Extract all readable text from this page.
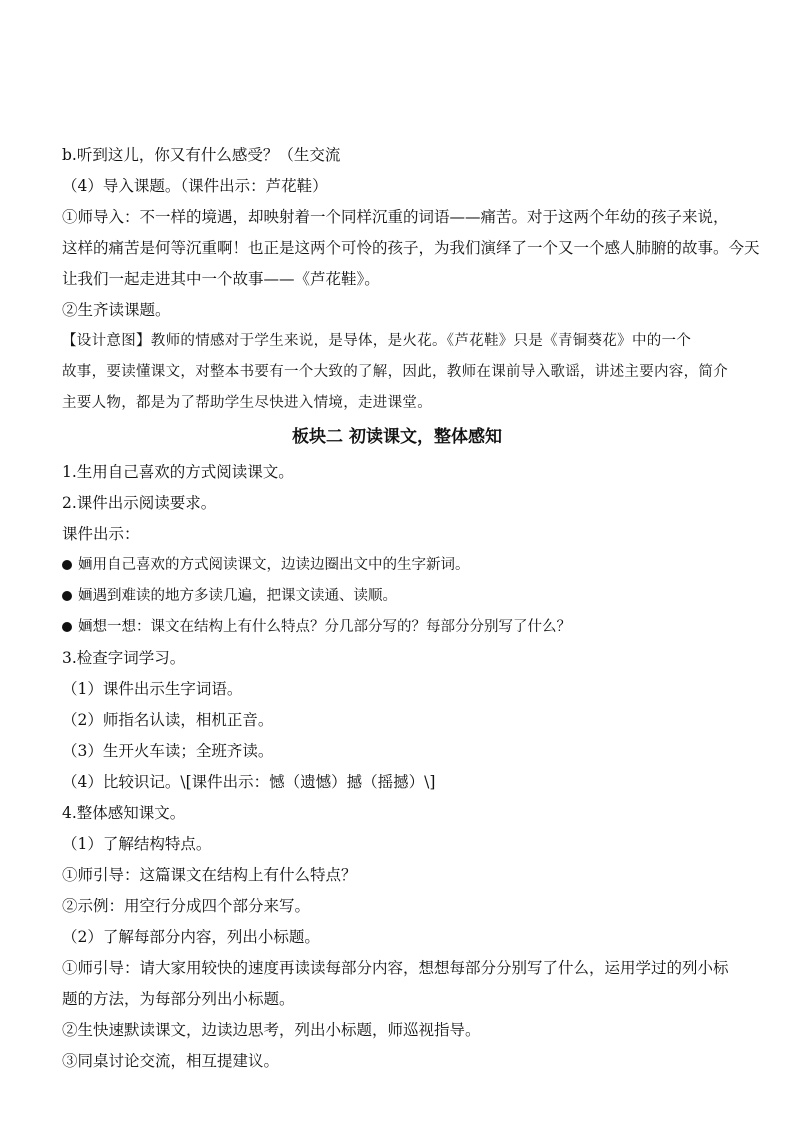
b.听到这儿，你又有什么感受？（生交流
（4）导入课题。（课件出示：芦花鞋）
①师导入：不一样的境遇，却映射着一个同样沉重的词语——痛苦。对于这两个年幼的孩子来说，
这样的痛苦是何等沉重啊！也正是这两个可怜的孩子，为我们演绎了一个又一个感人肺腑的故事。今天
让我们一起走进其中一个故事——《芦花鞋》。
②生齐读课题。
【设计意图】教师的情感对于学生来说，是导体，是火花。《芦花鞋》只是《青铜葵花》中的一个
故事，要读懂课文，对整本书要有一个大致的了解，因此，教师在课前导入歌谣，讲述主要内容，简介
主要人物，都是为了帮助学生尽快进入情境，走进课堂。
板块二 初读课文，整体感知
1.生用自己喜欢的方式阅读课文。
2.课件出示阅读要求。
课件出示：
婳用自己喜欢的方式阅读课文，边读边圈出文中的生字新词。
婳遇到难读的地方多读几遍，把课文读通、读顺。
婳想一想：课文在结构上有什么特点？分几部分写的？每部分分别写了什么？
3.检查字词学习。
（1）课件出示生字词语。
（2）师指名认读，相机正音。
（3）生开火车读；全班齐读。
（4）比较识记。\[课件出示：憾（遗憾）撼（摇撼）\]
4.整体感知课文。
（1）了解结构特点。
①师引导：这篇课文在结构上有什么特点？
②示例：用空行分成四个部分来写。
（2）了解每部分内容，列出小标题。
①师引导：请大家用较快的速度再读读每部分内容，想想每部分分别写了什么，运用学过的列小标
题的方法，为每部分列出小标题。
②生快速默读课文，边读边思考，列出小标题，师巡视指导。
③同桌讨论交流，相互提建议。
